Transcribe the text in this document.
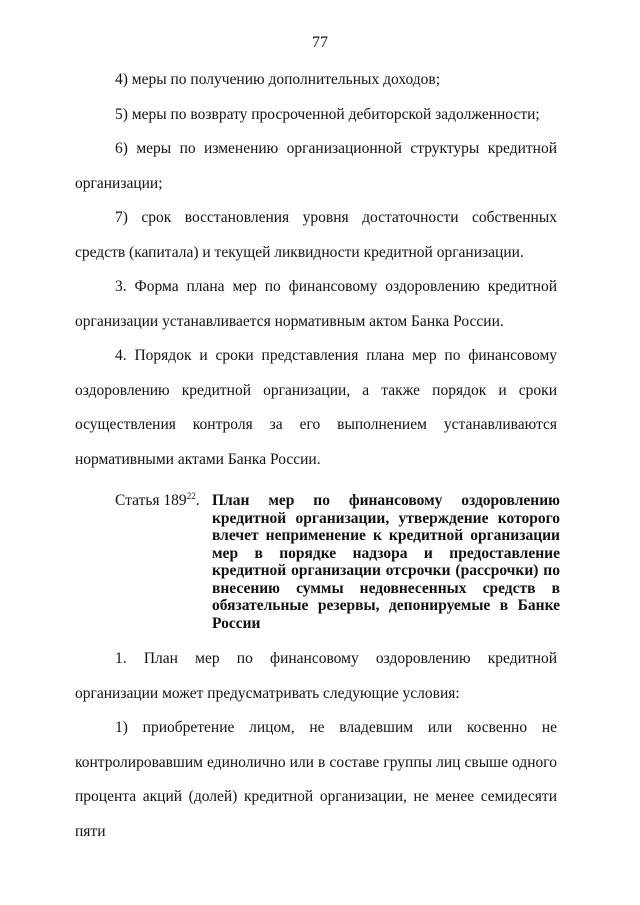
77

4) меры по получению дополнительных доходов;

5) меры по возврату просроченной дебиторской задолженности;

6) меры по изменению организационной структуры кредитной организации;

7) срок восстановления уровня достаточности собственных средств (капитала) и текущей ликвидности кредитной организации.

3. Форма плана мер по финансовому оздоровлению кредитной организации устанавливается нормативным актом Банка России.

4. Порядок и сроки представления плана мер по финансовому оздоровлению кредитной организации, а также порядок и сроки осуществления контроля за его выполнением устанавливаются нормативными актами Банка России.

Статья $189^{22}$. План мер по финансовому оздоровлению кредитной организации, утверждение которого влечет неприменение к кредитной организации мер в порядке надзора и предоставление кредитной организации отсрочки (рассрочки) по внесению суммы недовнесенных средств в обязательные резервы, депонируемые в Банке России

1. План мер по финансовому оздоровлению кредитной организации может предусматривать следующие условия:

1) приобретение лицом, не владевшим или косвенно не контролировавшим единолично или в составе группы лиц свыше одного процента акций (долей) кредитной организации, не менее семидесяти пяти
